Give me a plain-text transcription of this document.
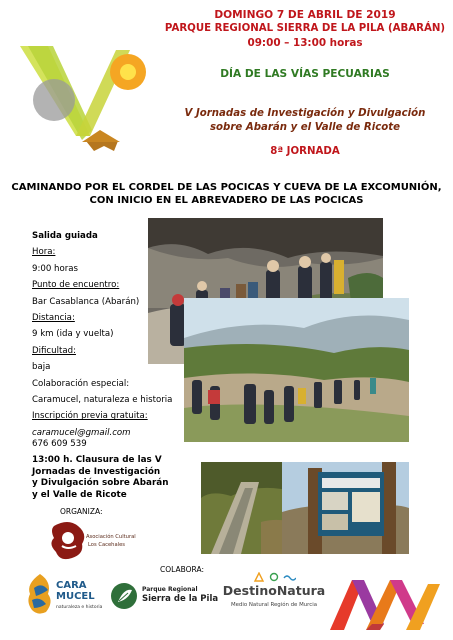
DOMINGO 7 DE ABRIL DE 2019
PARQUE REGIONAL SIERRA DE LA PILA (ABARÁN)
09:00 – 13:00 horas
DÍA DE LAS VÍAS PECUARIAS
V Jornadas de Investigación y Divulgación
sobre Abarán y el Valle de Ricote
8ª JORNADA
CAMINANDO POR EL CORDEL DE LAS POCICAS Y CUEVA DE LA EXCOMUNIÓN,
CON INICIO EN EL ABREVADERO DE LAS POCICAS
Salida guiada
Hora:
9:00 horas
Punto de encuentro:
Bar Casablanca (Abarán)
Distancia:
9 km (ida y vuelta)
Dificultad:
baja
Colaboración especial:
Caramucel, naturaleza e historia
Inscripción previa gratuita:
caramucel@gmail.com
676 609 539
13:00 h. Clausura de las V
Jornadas de Investigación
y Divulgación sobre Abarán
y el Valle de Ricote
ORGANIZA:
Asociación Cultural
Los Cacehales
COLABORA:
CARA MUCEL
naturaleza e historia
Parque Regional
Sierra de la Pila
DestinoNatura
Medio Natural Región de Murcia
